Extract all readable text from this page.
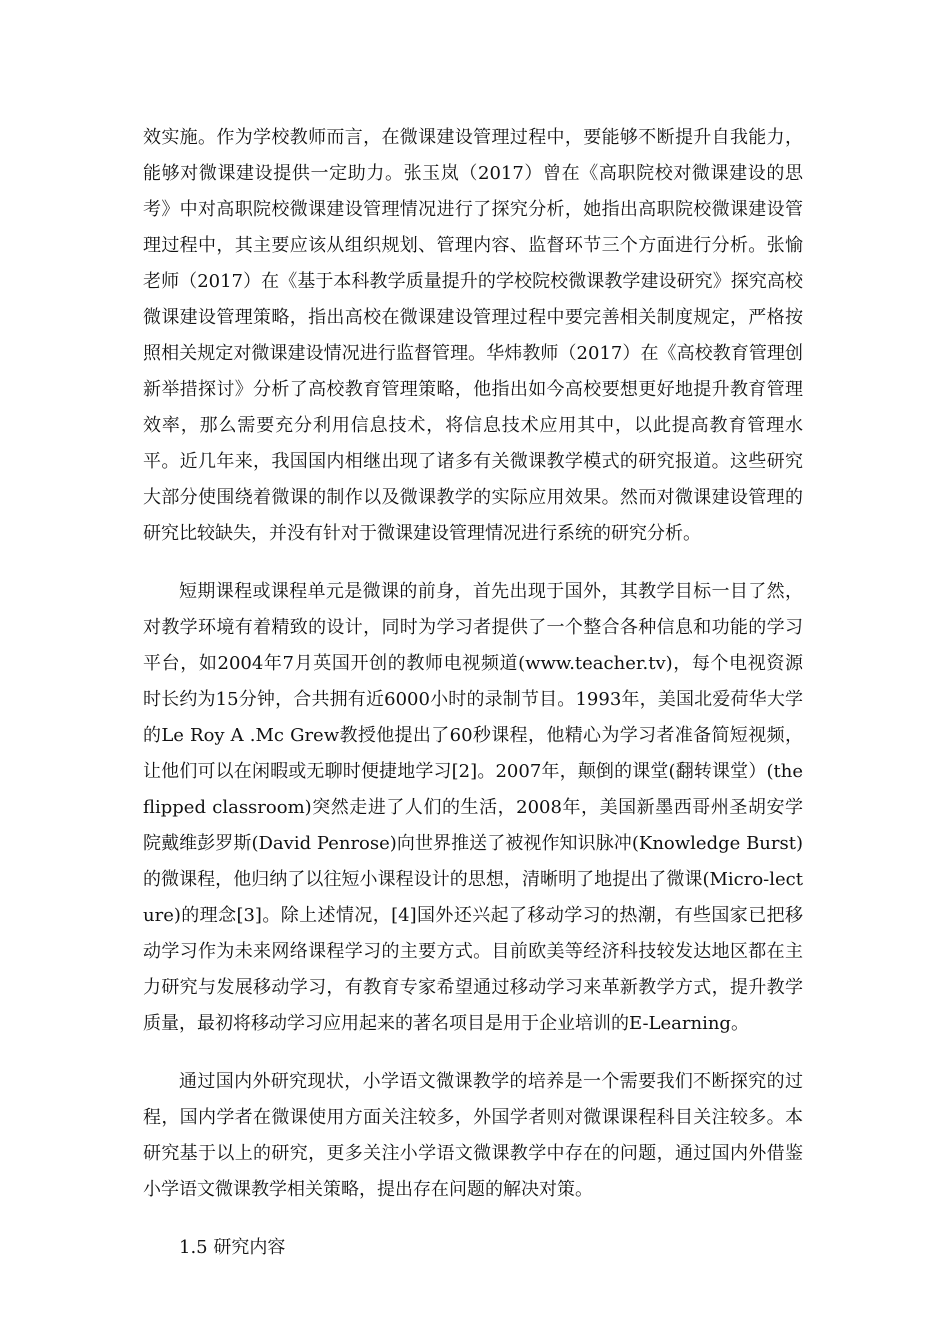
效实施。作为学校教师而言，在微课建设管理过程中，要能够不断提升自我能力，能够对微课建设提供一定助力。张玉岚（2017）曾在《高职院校对微课建设的思考》中对高职院校微课建设管理情况进行了探究分析，她指出高职院校微课建设管理过程中，其主要应该从组织规划、管理内容、监督环节三个方面进行分析。张愉老师（2017）在《基于本科教学质量提升的学校院校微课教学建设研究》探究高校微课建设管理策略，指出高校在微课建设管理过程中要完善相关制度规定，严格按照相关规定对微课建设情况进行监督管理。华炜教师（2017）在《高校教育管理创新举措探讨》分析了高校教育管理策略，他指出如今高校要想更好地提升教育管理效率，那么需要充分利用信息技术，将信息技术应用其中，以此提高教育管理水平。近几年来，我国国内相继出现了诸多有关微课教学模式的研究报道。这些研究大部分使围绕着微课的制作以及微课教学的实际应用效果。然而对微课建设管理的研究比较缺失，并没有针对于微课建设管理情况进行系统的研究分析。

短期课程或课程单元是微课的前身，首先出现于国外，其教学目标一目了然，对教学环境有着精致的设计，同时为学习者提供了一个整合各种信息和功能的学习平台，如2004年7月英国开创的教师电视频道(www.teacher.tv)，每个电视资源时长约为15分钟，合共拥有近6000小时的录制节目。1993年，美国北爱荷华大学的Le Roy A .Mc Grew教授他提出了60秒课程，他精心为学习者准备简短视频，让他们可以在闲暇或无聊时便捷地学习[2]。2007年，颠倒的课堂(翻转课堂）(the flipped classroom)突然走进了人们的生活，2008年，美国新墨西哥州圣胡安学院戴维彭罗斯(David Penrose)向世界推送了被视作知识脉冲(Knowledge Burst)的微课程，他归纳了以往短小课程设计的思想，清晰明了地提出了微课(Micro-lecture)的理念[3]。除上述情况，[4]国外还兴起了移动学习的热潮，有些国家已把移动学习作为未来网络课程学习的主要方式。目前欧美等经济科技较发达地区都在主力研究与发展移动学习，有教育专家希望通过移动学习来革新教学方式，提升教学质量，最初将移动学习应用起来的著名项目是用于企业培训的E-Learning。

通过国内外研究现状，小学语文微课教学的培养是一个需要我们不断探究的过程，国内学者在微课使用方面关注较多，外国学者则对微课课程科目关注较多。本研究基于以上的研究，更多关注小学语文微课教学中存在的问题，通过国内外借鉴小学语文微课教学相关策略，提出存在问题的解决对策。

1.5 研究内容
